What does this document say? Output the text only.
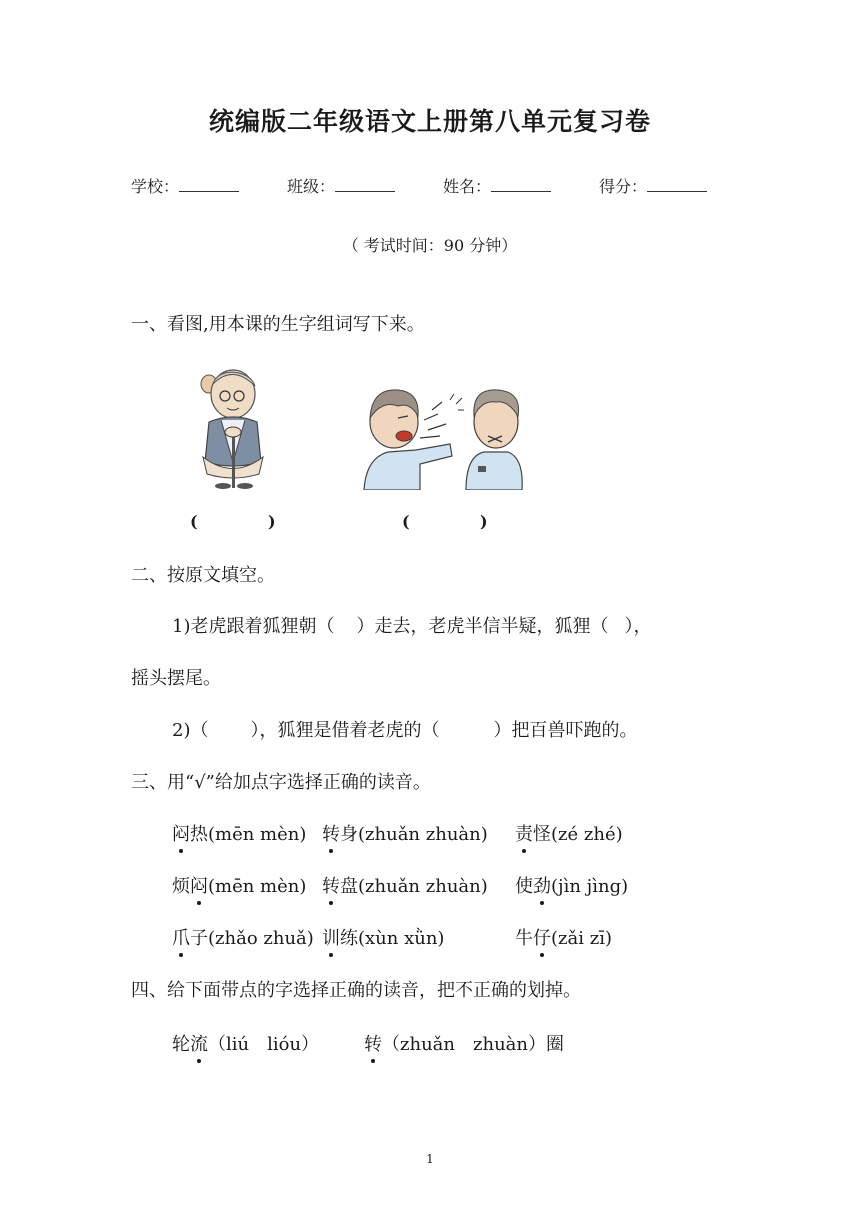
统编版二年级语文上册第八单元复习卷
学校：	班级：	姓名：	得分：
（ 考试时间：90 分钟）
一、看图,用本课的生字组词写下来。
(	)	(	)
二、按原文填空。
1)老虎跟着狐狸朝（ ）走去，老虎半信半疑，狐狸（ ），
摇头摆尾。
2)（ ），狐狸是借着老虎的（	）把百兽吓跑的。
三、用“√”给加点字选择正确的读音。
闷热(mēn mèn) 转身(zhuǎn zhuàn) 责怪(zé zhé)
烦闷(mēn mèn) 转盘(zhuǎn zhuàn) 使劲(jìn jìng)
爪子(zhǎo zhuǎ) 训练(xùn xǜn)	牛仔(zǎi zī)
四、给下面带点的字选择正确的读音，把不正确的划掉。
轮流（liú　lióu） 转（zhuǎn　zhuàn）圈
1
